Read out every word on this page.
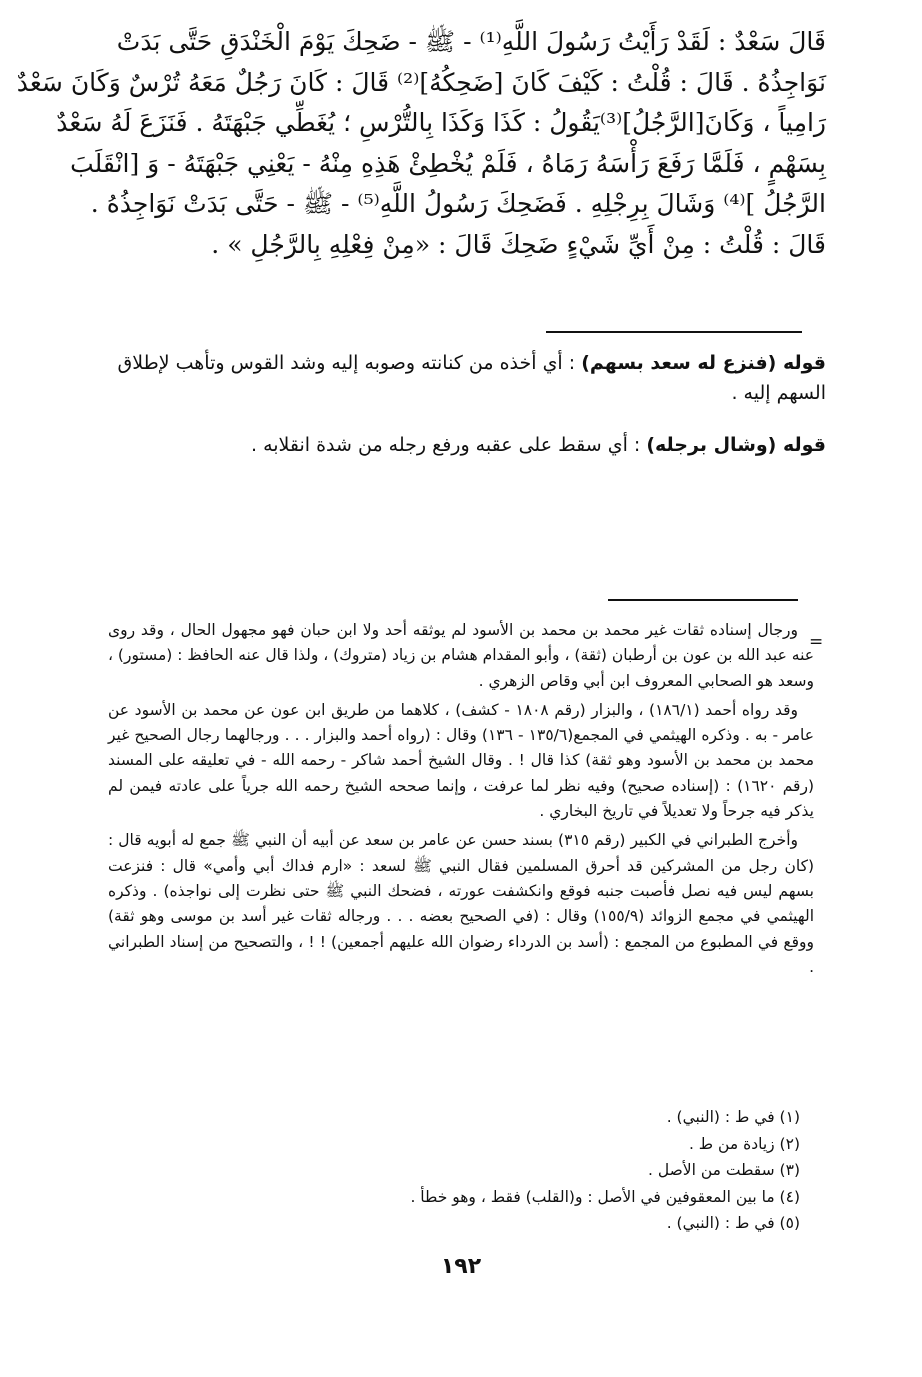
قَالَ سَعْدٌ : لَقَدْ رَأَيْتُ رَسُولَ اللَّهِ⁽¹⁾ - ﷺ - ضَحِكَ يَوْمَ الْخَنْدَقِ حَتَّى بَدَتْ
نَوَاجِذُهُ . قَالَ : قُلْتُ : كَيْفَ كَانَ [ضَحِكُهُ]⁽²⁾ قَالَ : كَانَ رَجُلٌ مَعَهُ تُرْسٌ وَكَانَ سَعْدٌ
رَامِياً ، وَكَانَ[الرَّجُلُ]⁽³⁾يَقُولُ : كَذَا وَكَذَا بِالتُّرْسِ ؛ يُغَطِّي جَبْهَتَهُ . فَنَزَعَ لَهُ سَعْدٌ
بِسَهْمٍ ، فَلَمَّا رَفَعَ رَأْسَهُ رَمَاهُ ، فَلَمْ يُخْطِئْ هَذِهِ مِنْهُ - يَعْنِي جَبْهَتَهُ - وَ [انْقَلَبَ
الرَّجُلُ ]⁽⁴⁾ وَشَالَ بِرِجْلِهِ . فَضَحِكَ رَسُولُ اللَّهِ⁽⁵⁾ - ﷺ - حَتَّى بَدَتْ نَوَاجِذُهُ .
قَالَ : قُلْتُ : مِنْ أَيِّ شَيْءٍ ضَحِكَ قَالَ : «مِنْ فِعْلِهِ بِالرَّجُلِ » .
قوله (فنزع له سعد بسهم) : أي أخذه من كنانته وصوبه إليه وشد القوس وتأهب لإطلاق
السهم إليه .
قوله (وشال برجله) : أي سقط على عقبه ورفع رجله من شدة انقلابه .
=

ورجال إسناده ثقات غير محمد بن محمد بن الأسود لم يوثقه أحد ولا ابن حبان فهو مجهول الحال ، وقد روى عنه عبد الله بن عون بن أرطبان (ثقة) ، وأبو المقدام هشام بن زياد (متروك) ، ولذا قال عنه الحافظ : (مستور) ، وسعد هو الصحابي المعروف ابن أبي وقاص الزهري .

وقد رواه أحمد (١٨٦/١) ، والبزار (رقم ١٨٠٨ - كشف) ، كلاهما من طريق ابن عون عن محمد بن الأسود عن عامر - به . وذكره الهيثمي في المجمع(١٣٥/٦ - ١٣٦) وقال : (رواه أحمد والبزار . . . ورجالهما رجال الصحيح غير محمد بن محمد بن الأسود وهو ثقة) كذا قال ! . وقال الشيخ أحمد شاكر - رحمه الله - في تعليقه على المسند (رقم ١٦٢٠) : (إسناده صحيح) وفيه نظر لما عرفت ، وإنما صححه الشيخ رحمه الله جرياً على عادته فيمن لم يذكر فيه جرحاً ولا تعديلاً في تاريخ البخاري .

وأخرج الطبراني في الكبير (رقم ٣١٥) بسند حسن عن عامر بن سعد عن أبيه أن النبي ﷺ جمع له أبويه قال : (كان رجل من المشركين قد أحرق المسلمين فقال النبي ﷺ لسعد : «ارم فداك أبي وأمي» قال : فنزعت بسهم ليس فيه نصل فأصبت جنبه فوقع وانكشفت عورته ، فضحك النبي ﷺ حتى نظرت إلى نواجذه) . وذكره الهيثمي في مجمع الزوائد (١٥٥/٩) وقال : (في الصحيح بعضه . . . ورجاله ثقات غير أسد بن موسى وهو ثقة) ووقع في المطبوع من المجمع : (أسد بن الدرداء رضوان الله عليهم أجمعين) ! ! ، والتصحيح من إسناد الطبراني .

(١) في ط : (النبي) .
(٢) زيادة من ط .
(٣) سقطت من الأصل .
(٤) ما بين المعقوفين في الأصل : و(القلب) فقط ، وهو خطأ .
(٥) في ط : (النبي) .
١٩٢
